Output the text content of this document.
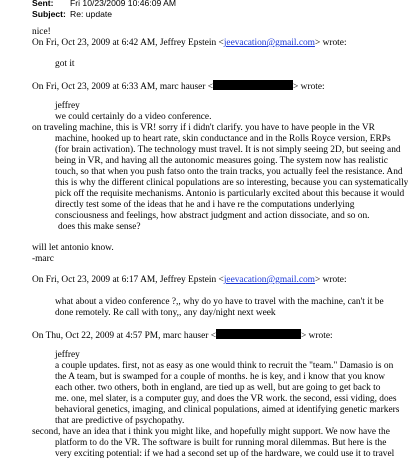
Sent: Fri 10/23/2009 10:46:09 AM
Subject: Re: update
nice!
On Fri, Oct 23, 2009 at 6:42 AM, Jeffrey Epstein <jeevacation@gmail.com> wrote:
got it
On Fri, Oct 23, 2009 at 6:33 AM, marc hauser <	> wrote:
jeffrey
we could certainly do a video conference.
on traveling machine, this is VR! sorry if i didn't clarify. you have to have people in the VR
machine, hooked up to heart rate, skin conductance and in the Rolls Royce version, ERPs
(for brain activation). The technology must travel. It is not simply seeing 2D, but seeing and
being in VR, and having all the autonomic measures going. The system now has realistic
touch, so that when you push fatso onto the train tracks, you actually feel the resistance. And
this is why the different clinical populations are so interesting, because you can systematically
pick off the requisite mechanisms. Antonio is particularly excited about this because it would
directly test some of the ideas that he and i have re the computations underlying
consciousness and feelings, how abstract judgment and action dissociate, and so on.
does this make sense?
will let antonio know.
-marc
On Fri, Oct 23, 2009 at 6:17 AM, Jeffrey Epstein <jeevacation@gmail.com> wrote:
what about a video conference ?,, why do yo have to travel with the machine, can't it be
done remotely. Re call with tony,, any day/night next week
On Thu, Oct 22, 2009 at 4:57 PM, marc hauser <	> wrote:
jeffrey
a couple updates. first, not as easy as one would think to recruit the "team." Damasio is on
the A team, but is swamped for a couple of months. he is key, and i know that you know
each other. two others, both in england, are tied up as well, but are going to get back to
me. one, mel slater, is a computer guy, and does the VR work. the second, essi viding, does
behavioral genetics, imaging, and clinical populations, aimed at identifying genetic markers
that are predictive of psychopathy.
second, have an idea that i think you might like, and hopefully might support. We now have the
platform to do the VR. The software is built for running moral dilemmas. But here is the
very exciting potential: if we had a second set up of the hardware, we could use it to travel
